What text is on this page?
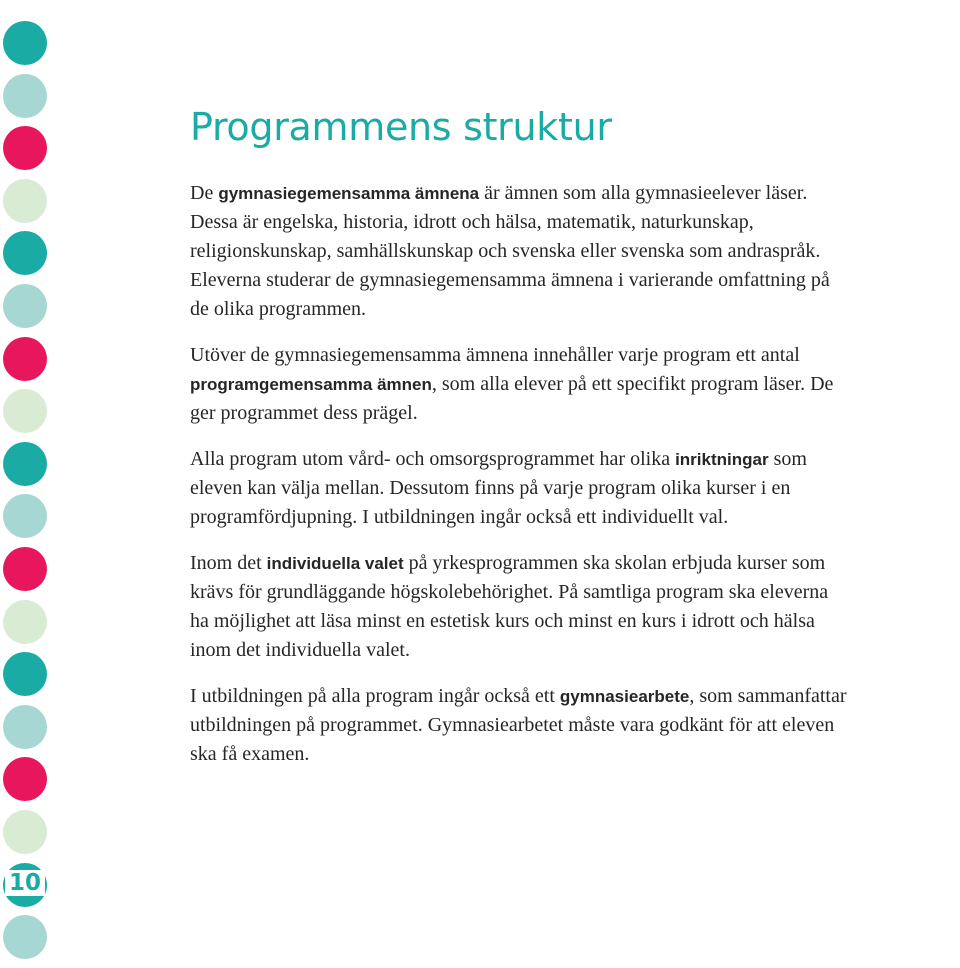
10
Programmens struktur

De gymnasiegemensamma ämnena är ämnen som alla gymnasieelever läser. Dessa är engelska, historia, idrott och hälsa, matematik, naturkunskap, religionskunskap, samhällskunskap och svenska eller svenska som andraspråk. Eleverna studerar de gymnasiegemensamma ämnena i varierande omfattning på de olika programmen.

Utöver de gymnasiegemensamma ämnena innehåller varje program ett antal programgemensamma ämnen, som alla elever på ett specifikt program läser. De ger programmet dess prägel.

Alla program utom vård- och omsorgsprogrammet har olika inriktningar som eleven kan välja mellan. Dessutom finns på varje program olika kurser i en programfördjupning. I utbildningen ingår också ett individuellt val.

Inom det individuella valet på yrkesprogrammen ska skolan erbjuda kurser som krävs för grundläggande högskolebehörighet. På samtliga program ska eleverna ha möjlighet att läsa minst en estetisk kurs och minst en kurs i idrott och hälsa inom det individuella valet.

I utbildningen på alla program ingår också ett gymnasiearbete, som sammanfattar utbildningen på programmet. Gymnasiearbetet måste vara godkänt för att eleven ska få examen.
